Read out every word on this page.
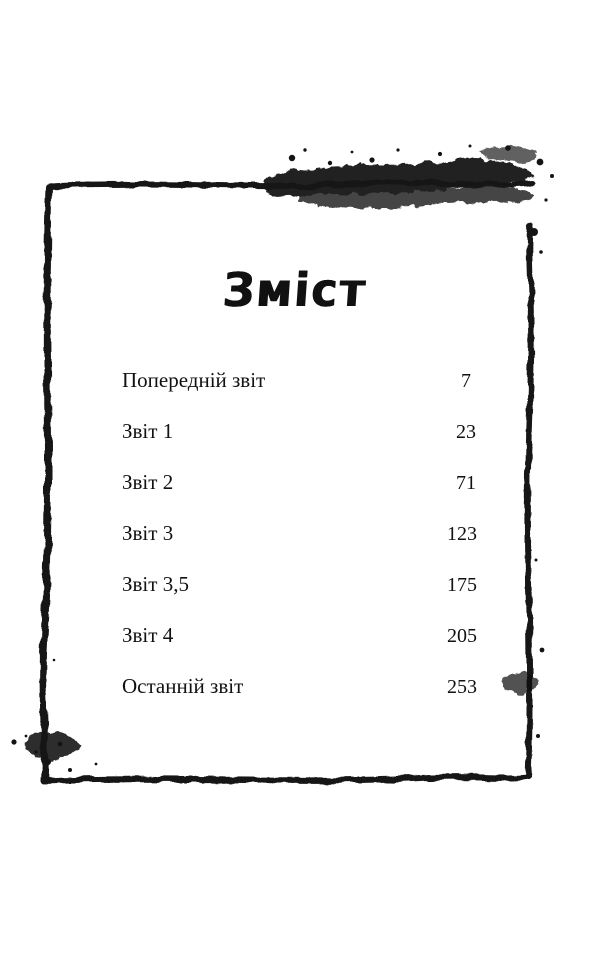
Зміст
Попередній звіт	7
Звіт 1	23
Звіт 2	71
Звіт 3	123
Звіт 3,5	175
Звіт 4	205
Останній звіт	253
